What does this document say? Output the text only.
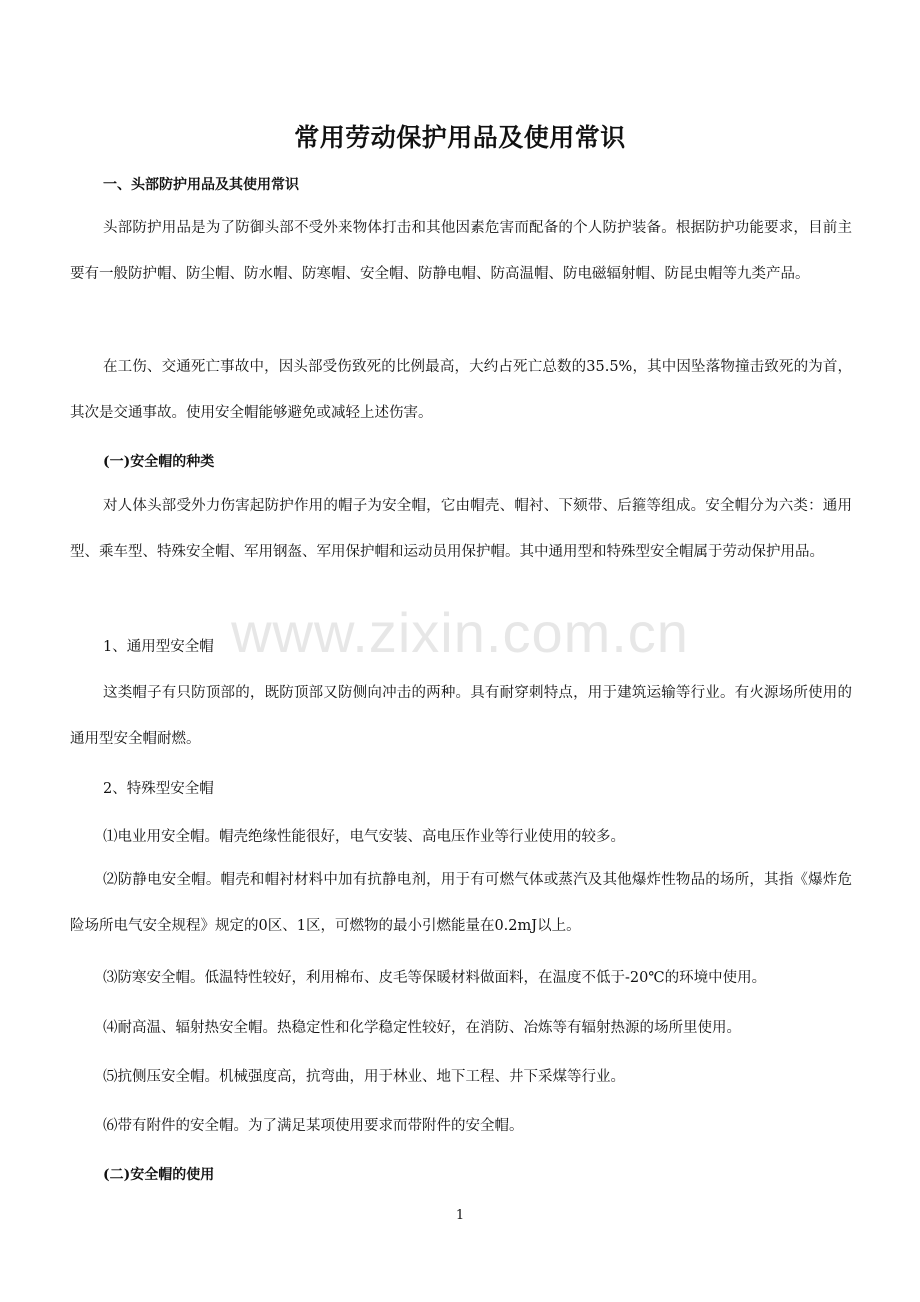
www.zixin.com.cn
常用劳动保护用品及使用常识
一、头部防护用品及其使用常识

头部防护用品是为了防御头部不受外来物体打击和其他因素危害而配备的个人防护装备。根据防护功能要求，目前主要有一般防护帽、防尘帽、防水帽、防寒帽、安全帽、防静电帽、防高温帽、防电磁辐射帽、防昆虫帽等九类产品。

在工伤、交通死亡事故中，因头部受伤致死的比例最高，大约占死亡总数的35.5%，其中因坠落物撞击致死的为首，其次是交通事故。使用安全帽能够避免或减轻上述伤害。

(一)安全帽的种类

对人体头部受外力伤害起防护作用的帽子为安全帽，它由帽壳、帽衬、下颏带、后箍等组成。安全帽分为六类：通用型、乘车型、特殊安全帽、军用钢盔、军用保护帽和运动员用保护帽。其中通用型和特殊型安全帽属于劳动保护用品。

1、通用型安全帽

这类帽子有只防顶部的，既防顶部又防侧向冲击的两种。具有耐穿刺特点，用于建筑运输等行业。有火源场所使用的通用型安全帽耐燃。

2、特殊型安全帽
⑴电业用安全帽。帽壳绝缘性能很好，电气安装、高电压作业等行业使用的较多。

⑵防静电安全帽。帽壳和帽衬材料中加有抗静电剂，用于有可燃气体或蒸汽及其他爆炸性物品的场所，其指《爆炸危险场所电气安全规程》规定的0区、1区，可燃物的最小引燃能量在0.2mJ以上。

⑶防寒安全帽。低温特性较好，利用棉布、皮毛等保暖材料做面料，在温度不低于-20℃的环境中使用。
⑷耐高温、辐射热安全帽。热稳定性和化学稳定性较好，在消防、冶炼等有辐射热源的场所里使用。
⑸抗侧压安全帽。机械强度高，抗弯曲，用于林业、地下工程、井下采煤等行业。
⑹带有附件的安全帽。为了满足某项使用要求而带附件的安全帽。
(二)安全帽的使用
1
